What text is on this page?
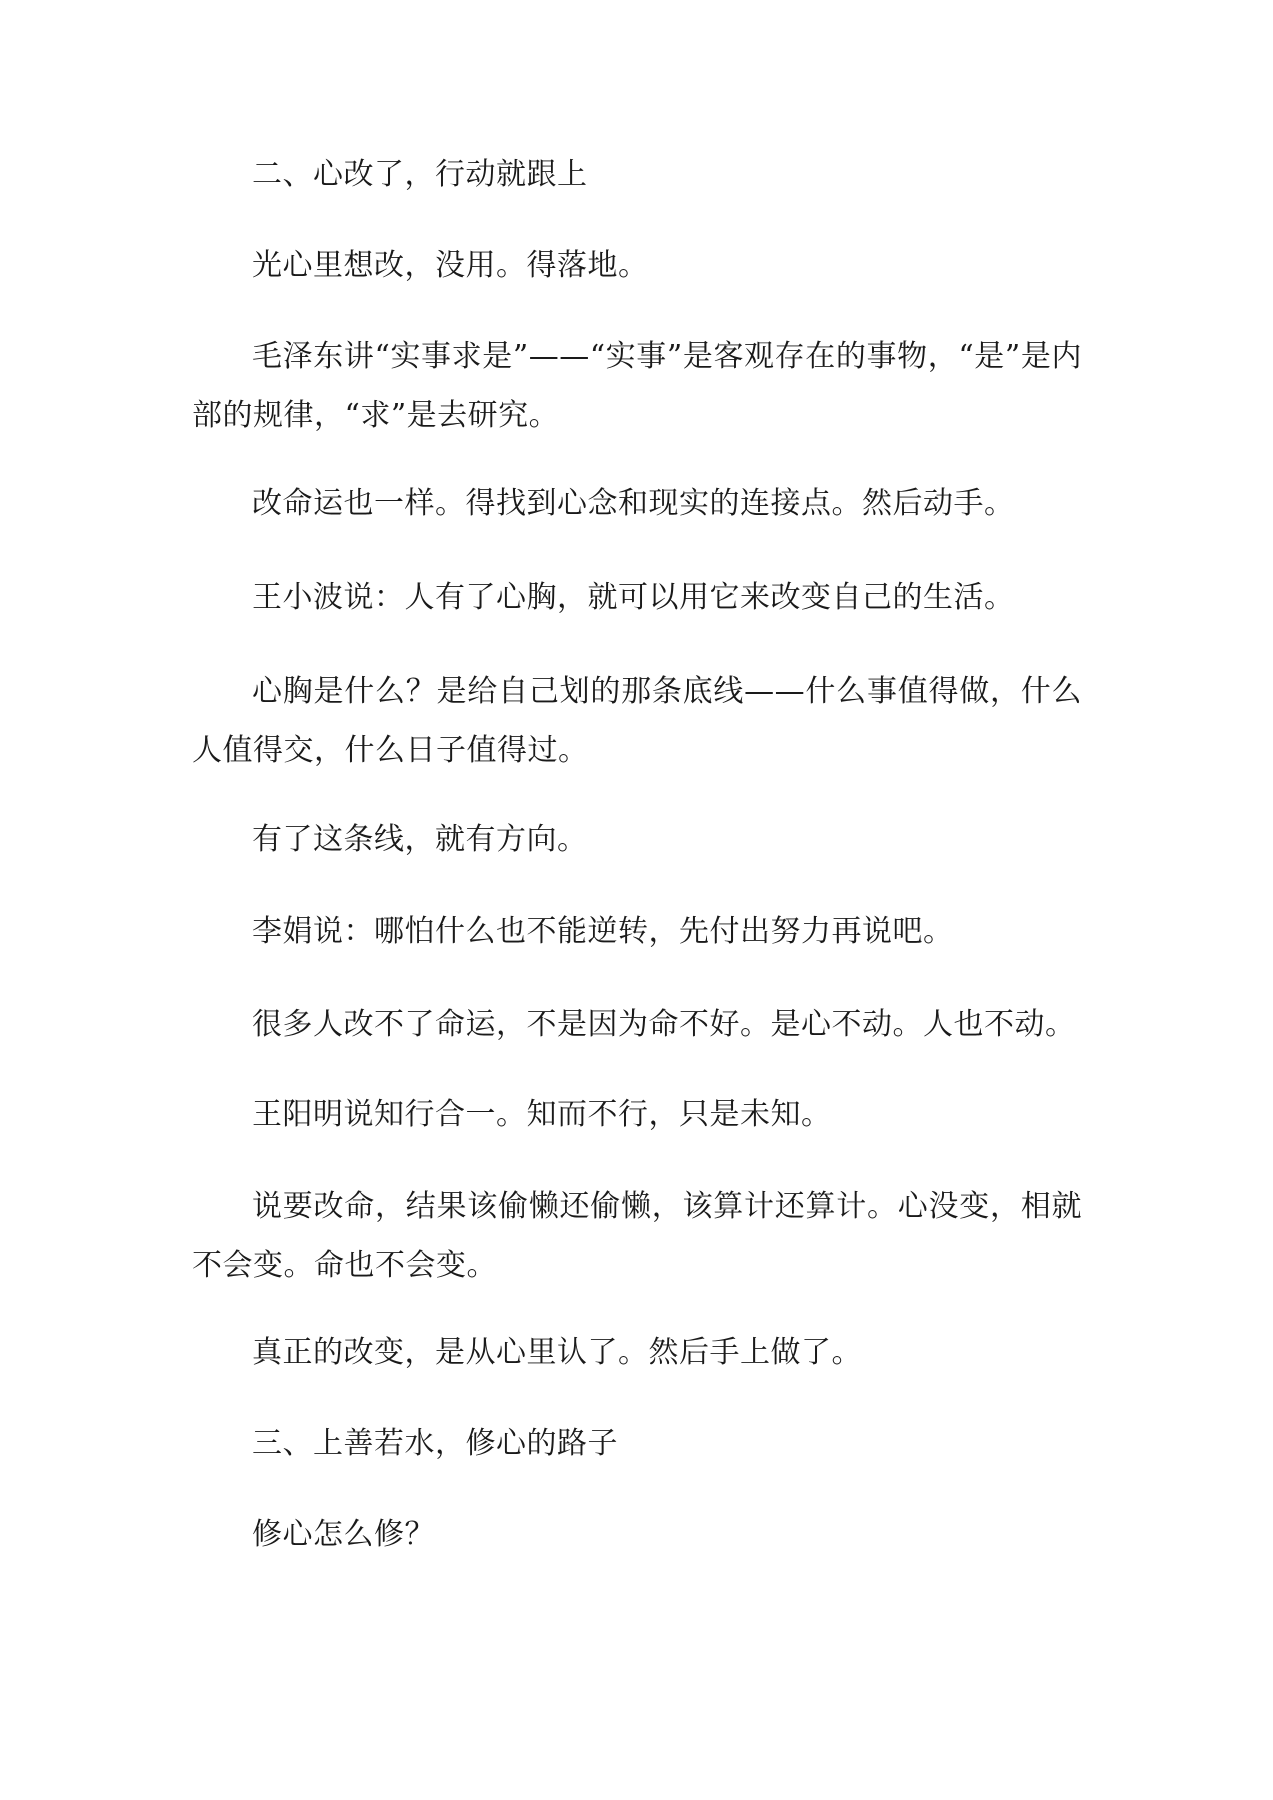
二、心改了，行动就跟上

光心里想改，没用。得落地。

毛泽东讲“实事求是”——“实事”是客观存在的事物，“是”是内部的规律，“求”是去研究。

改命运也一样。得找到心念和现实的连接点。然后动手。

王小波说：人有了心胸，就可以用它来改变自己的生活。

心胸是什么？是给自己划的那条底线——什么事值得做，什么人值得交，什么日子值得过。

有了这条线，就有方向。

李娟说：哪怕什么也不能逆转，先付出努力再说吧。

很多人改不了命运，不是因为命不好。是心不动。人也不动。

王阳明说知行合一。知而不行，只是未知。

说要改命，结果该偷懒还偷懒，该算计还算计。心没变，相就不会变。命也不会变。

真正的改变，是从心里认了。然后手上做了。

三、上善若水，修心的路子

修心怎么修？
